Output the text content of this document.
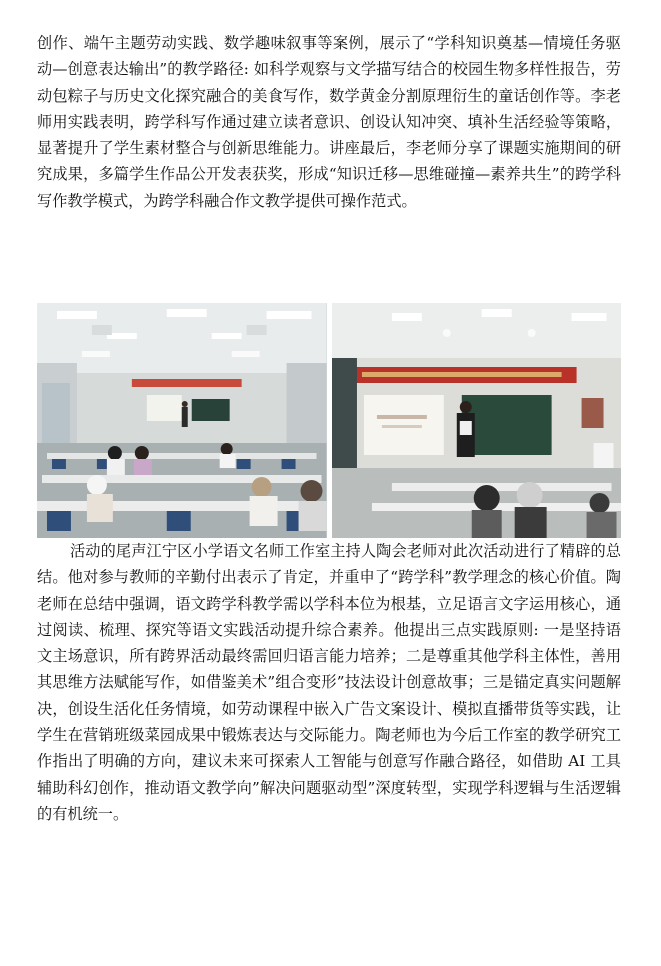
创作、端午主题劳动实践、数学趣味叙事等案例，展示了“学科知识奠基—情境任务驱动—创意表达输出”的教学路径: 如科学观察与文学描写结合的校园生物多样性报告，劳动包粽子与历史文化探究融合的美食写作，数学黄金分割原理衍生的童话创作等。李老师用实践表明，跨学科写作通过建立读者意识、创设认知冲突、填补生活经验等策略，显著提升了学生素材整合与创新思维能力。讲座最后，李老师分享了课题实施期间的研究成果，多篇学生作品公开发表获奖，形成“知识迁移—思维碰撞—素养共生”的跨学科写作教学模式，为跨学科融合作文教学提供可操作范式。

活动的尾声江宁区小学语文名师工作室主持人陶会老师对此次活动进行了精辟的总结。他对参与教师的辛勤付出表示了肯定，并重申了“跨学科”教学理念的核心价值。陶老师在总结中强调，语文跨学科教学需以学科本位为根基，立足语言文字运用核心，通过阅读、梳理、探究等语文实践活动提升综合素养。他提出三点实践原则: 一是坚持语文主场意识，所有跨界活动最终需回归语言能力培养；二是尊重其他学科主体性，善用其思维方法赋能写作，如借鉴美术”组合变形”技法设计创意故事；三是锚定真实问题解决，创设生活化任务情境，如劳动课程中嵌入广告文案设计、模拟直播带货等实践，让学生在营销班级菜园成果中锻炼表达与交际能力。陶老师也为今后工作室的教学研究工作指出了明确的方向，建议未来可探索人工智能与创意写作融合路径，如借助 AI 工具辅助科幻创作，推动语文教学向”解决问题驱动型”深度转型，实现学科逻辑与生活逻辑的有机统一。
